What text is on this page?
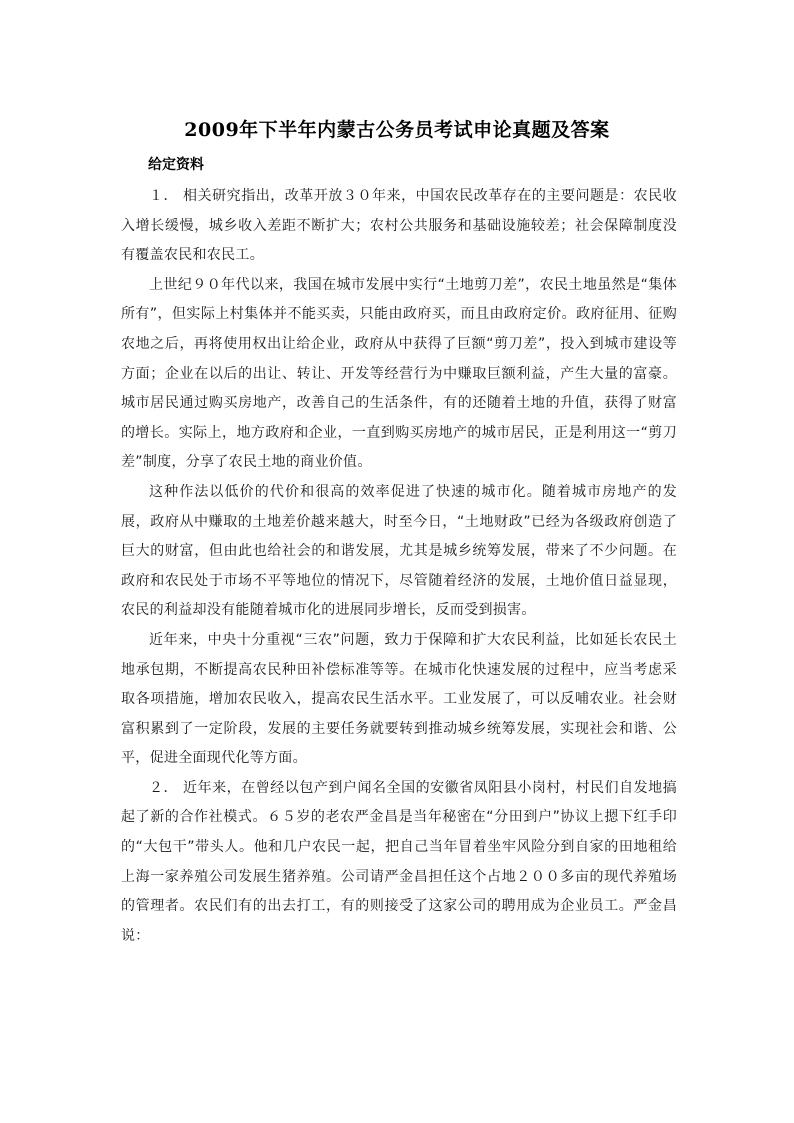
2009年下半年内蒙古公务员考试申论真题及答案
给定资料

１． 相关研究指出，改革开放３０年来，中国农民改革存在的主要问题是：农民收入增长缓慢，城乡收入差距不断扩大；农村公共服务和基础设施较差；社会保障制度没有覆盖农民和农民工。

上世纪９０年代以来，我国在城市发展中实行“土地剪刀差”，农民土地虽然是“集体所有”，但实际上村集体并不能买卖，只能由政府买，而且由政府定价。政府征用、征购农地之后，再将使用权出让给企业，政府从中获得了巨额“剪刀差”，投入到城市建设等方面；企业在以后的出让、转让、开发等经营行为中赚取巨额利益，产生大量的富豪。城市居民通过购买房地产，改善自己的生活条件，有的还随着土地的升值，获得了财富的增长。实际上，地方政府和企业，一直到购买房地产的城市居民，正是利用这一“剪刀差”制度，分享了农民土地的商业价值。

这种作法以低价的代价和很高的效率促进了快速的城市化。随着城市房地产的发展，政府从中赚取的土地差价越来越大，时至今日，“土地财政”已经为各级政府创造了巨大的财富，但由此也给社会的和谐发展，尤其是城乡统筹发展，带来了不少问题。在政府和农民处于市场不平等地位的情况下，尽管随着经济的发展，土地价值日益显现，农民的利益却没有能随着城市化的进展同步增长，反而受到损害。

近年来，中央十分重视“三农”问题，致力于保障和扩大农民利益，比如延长农民土地承包期，不断提高农民种田补偿标准等等。在城市化快速发展的过程中，应当考虑采取各项措施，增加农民收入，提高农民生活水平。工业发展了，可以反哺农业。社会财富积累到了一定阶段，发展的主要任务就要转到推动城乡统筹发展，实现社会和谐、公平，促进全面现代化等方面。

２． 近年来，在曾经以包产到户闻名全国的安徽省凤阳县小岗村，村民们自发地搞起了新的合作社模式。６５岁的老农严金昌是当年秘密在“分田到户”协议上摁下红手印的“大包干”带头人。他和几户农民一起，把自己当年冒着坐牢风险分到自家的田地租给上海一家养殖公司发展生猪养殖。公司请严金昌担任这个占地２００多亩的现代养殖场的管理者。农民们有的出去打工，有的则接受了这家公司的聘用成为企业员工。严金昌说：
